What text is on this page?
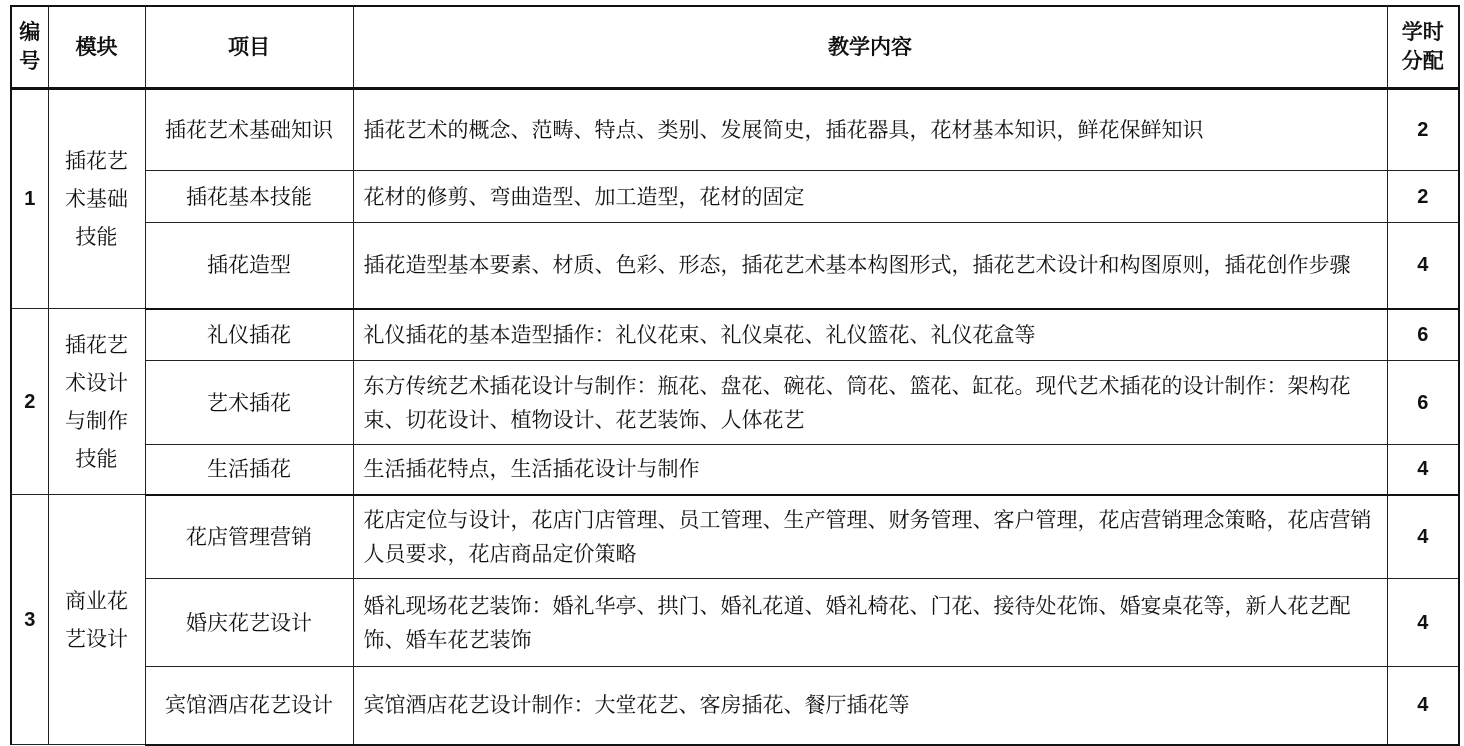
编号	模块	项目	教学内容	学时分配
1	插花艺术基础技能	插花艺术基础知识	插花艺术的概念、范畴、特点、类别、发展简史，插花器具，花材基本知识，鲜花保鲜知识	2
		插花基本技能	花材的修剪、弯曲造型、加工造型，花材的固定	2
		插花造型	插花造型基本要素、材质、色彩、形态，插花艺术基本构图形式，插花艺术设计和构图原则，插花创作步骤	4
2	插花艺术设计与制作技能	礼仪插花	礼仪插花的基本造型插作：礼仪花束、礼仪桌花、礼仪篮花、礼仪花盒等	6
		艺术插花	东方传统艺术插花设计与制作：瓶花、盘花、碗花、筒花、篮花、缸花。现代艺术插花的设计制作：架构花束、切花设计、植物设计、花艺装饰、人体花艺	6
		生活插花	生活插花特点，生活插花设计与制作	4
3	商业花艺设计	花店管理营销	花店定位与设计，花店门店管理、员工管理、生产管理、财务管理、客户管理，花店营销理念策略，花店营销人员要求，花店商品定价策略	4
		婚庆花艺设计	婚礼现场花艺装饰：婚礼华亭、拱门、婚礼花道、婚礼椅花、门花、接待处花饰、婚宴桌花等，新人花艺配饰、婚车花艺装饰	4
		宾馆酒店花艺设计	宾馆酒店花艺设计制作：大堂花艺、客房插花、餐厅插花等	4
